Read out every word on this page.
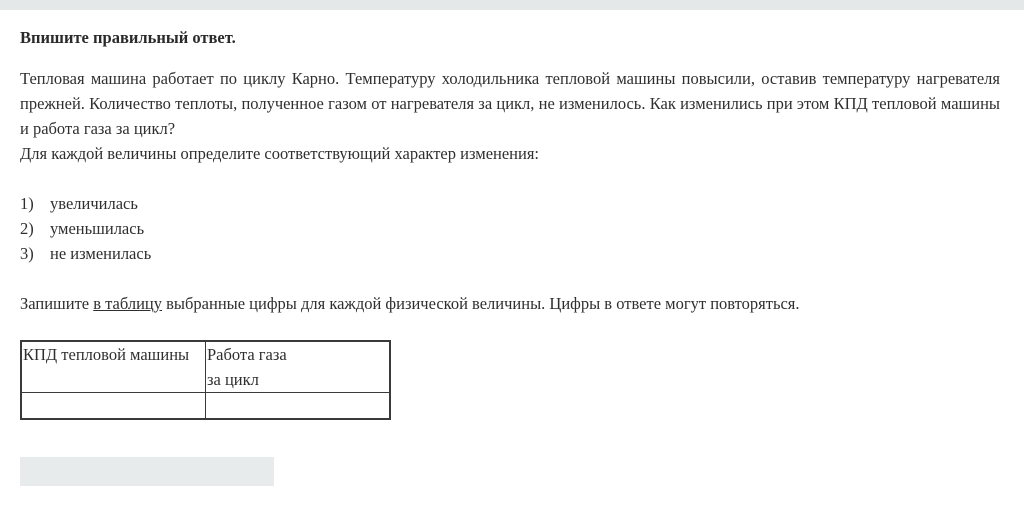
Впишите правильный ответ.

Тепловая машина работает по циклу Карно. Температуру холодильника тепловой машины повысили, оставив температуру нагревателя прежней. Количество теплоты, полученное газом от нагревателя за цикл, не изменилось. Как изменились при этом КПД тепловой машины и работа газа за цикл?

Для каждой величины определите соответствующий характер изменения:

1) увеличилась
2) уменьшилась
3) не изменилась

Запишите в таблицу выбранные цифры для каждой физической величины. Цифры в ответе могут повторяться.

КПД тепловой машины	Работа газа
за цикл
